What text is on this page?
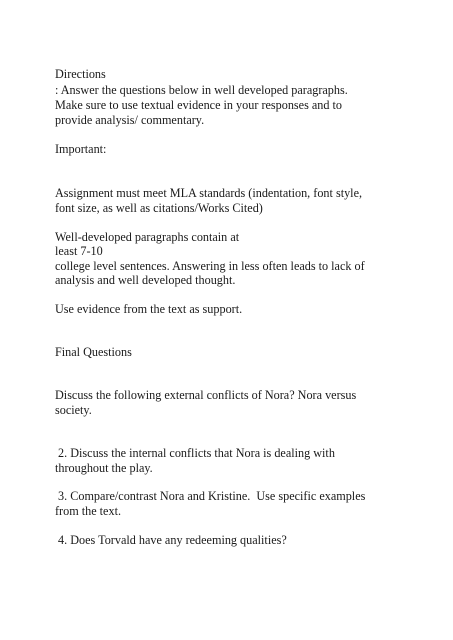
Directions

: Answer the questions below in well developed paragraphs.

Make sure to use textual evidence in your responses and to

provide analysis/ commentary.

Important:

Assignment must meet MLA standards (indentation, font style,

font size, as well as citations/Works Cited)

Well-developed paragraphs contain at

least 7-10

college level sentences. Answering in less often leads to lack of

analysis and well developed thought.

Use evidence from the text as support.

Final Questions

Discuss the following external conflicts of Nora? Nora versus

society.

2. Discuss the internal conflicts that Nora is dealing with

throughout the play.

3. Compare/contrast Nora and Kristine.  Use specific examples

from the text.

4. Does Torvald have any redeeming qualities?
